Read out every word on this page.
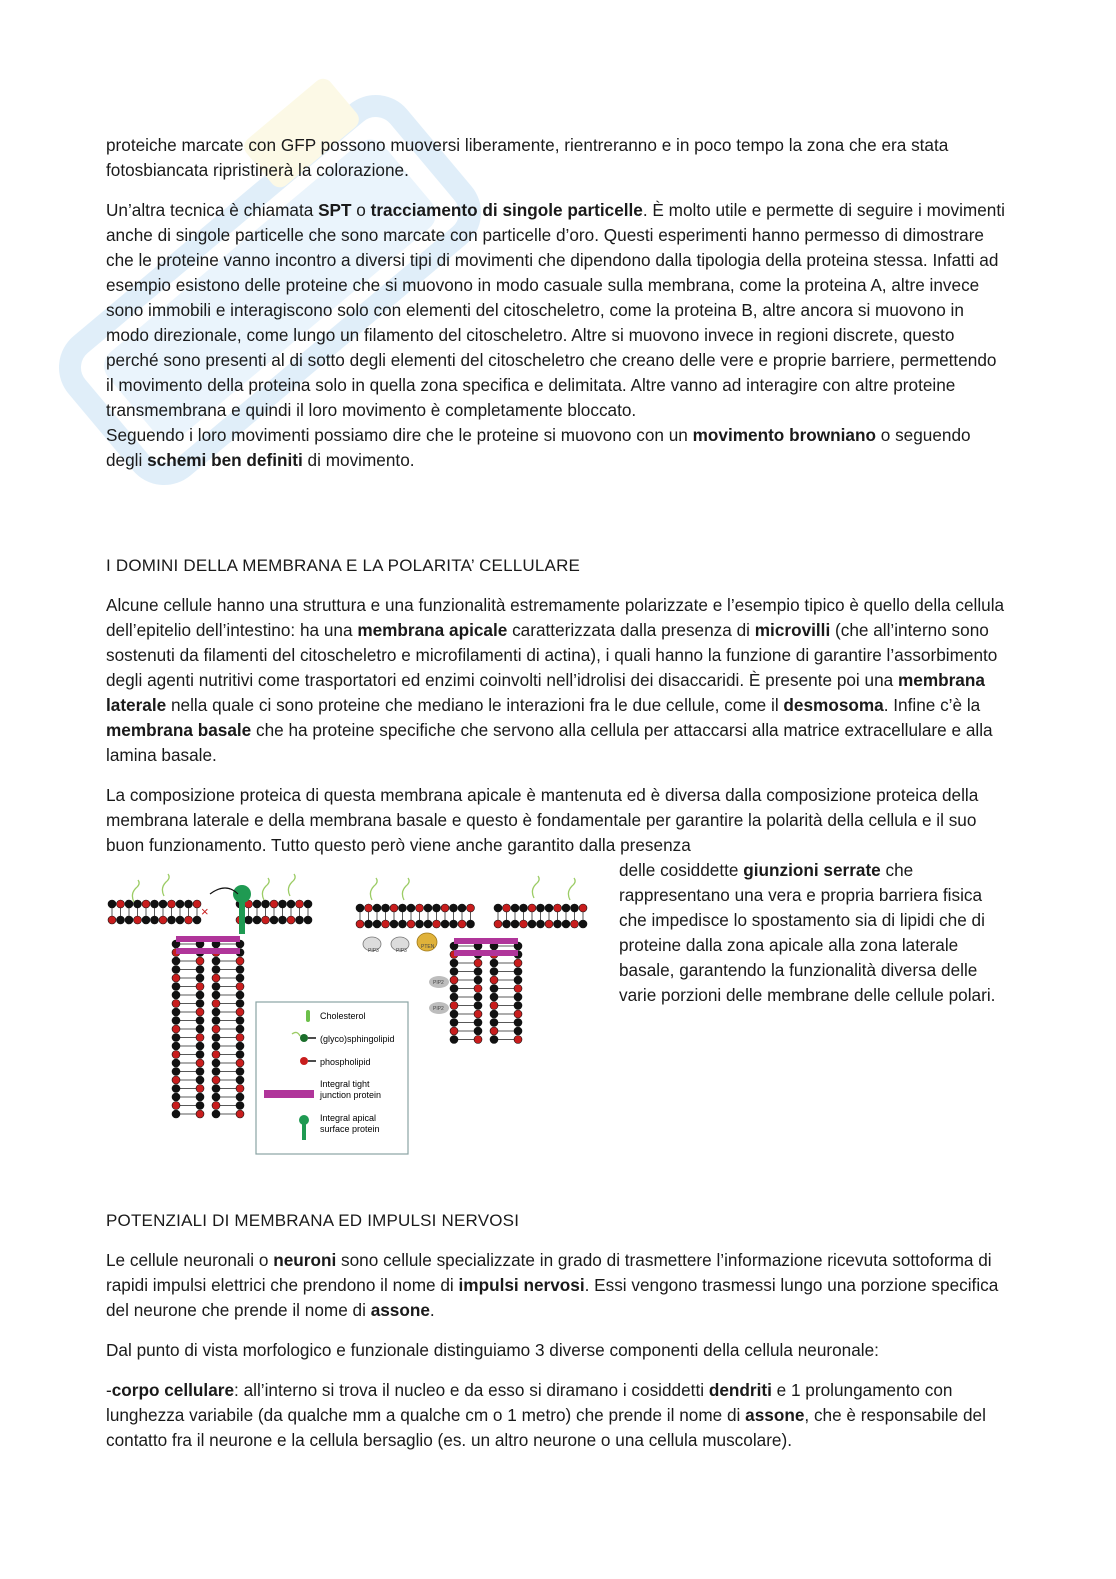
proteiche marcate con GFP possono muoversi liberamente, rientreranno e in poco tempo la zona che era stata fotosbiancata ripristinerà la colorazione.

Un’altra tecnica è chiamata SPT o tracciamento di singole particelle. È molto utile e permette di seguire i movimenti anche di singole particelle che sono marcate con particelle d’oro. Questi esperimenti hanno permesso di dimostrare che le proteine vanno incontro a diversi tipi di movimenti che dipendono dalla tipologia della proteina stessa. Infatti ad esempio esistono delle proteine che si muovono in modo casuale sulla membrana, come la proteina A, altre invece sono immobili e interagiscono solo con elementi del citoscheletro, come la proteina B, altre ancora si muovono in modo direzionale, come lungo un filamento del citoscheletro. Altre si muovono invece in regioni discrete, questo perché sono presenti al di sotto degli elementi del citoscheletro che creano delle vere e proprie barriere, permettendo il movimento della proteina solo in quella zona specifica e delimitata. Altre vanno ad interagire con altre proteine transmembrana e quindi il loro movimento è completamente bloccato.
Seguendo i loro movimenti possiamo dire che le proteine si muovono con un movimento browniano o seguendo degli schemi ben definiti di movimento.

I DOMINI DELLA MEMBRANA E LA POLARITA’ CELLULARE

Alcune cellule hanno una struttura e una funzionalità estremamente polarizzate e l’esempio tipico è quello della cellula dell’epitelio dell’intestino: ha una membrana apicale caratterizzata dalla presenza di microvilli (che all’interno sono sostenuti da filamenti del citoscheletro e microfilamenti di actina), i quali hanno la funzione di garantire l’assorbimento degli agenti nutritivi come trasportatori ed enzimi coinvolti nell’idrolisi dei disaccaridi. È presente poi una membrana laterale nella quale ci sono proteine che mediano le interazioni fra le due cellule, come il desmosoma. Infine c’è la membrana basale che ha proteine specifiche che servono alla cellula per attaccarsi alla matrice extracellulare e alla lamina basale.

La composizione proteica di questa membrana apicale è mantenuta ed è diversa dalla composizione proteica della membrana laterale e della membrana basale e questo è fondamentale per garantire la polarità della cellula e il suo buon funzionamento. Tutto questo però viene anche garantito dalla presenza

delle cosiddette giunzioni serrate che rappresentano una vera e propria barriera fisica che impedisce lo spostamento sia di lipidi che di proteine dalla zona apicale alla zona laterale basale, garantendo la funzionalità diversa delle varie porzioni delle membrane delle cellule polari.

×
Cholesterol
(glyco)sphingolipid
phospholipid
Integral tight
junction protein
Integral apical
surface protein
PIP3	PIP3
PTEN
PIP2
PIP2

POTENZIALI DI MEMBRANA ED IMPULSI NERVOSI

Le cellule neuronali o neuroni sono cellule specializzate in grado di trasmettere l’informazione ricevuta sottoforma di rapidi impulsi elettrici che prendono il nome di impulsi nervosi. Essi vengono trasmessi lungo una porzione specifica del neurone che prende il nome di assone.

Dal punto di vista morfologico e funzionale distinguiamo 3 diverse componenti della cellula neuronale:

-corpo cellulare: all’interno si trova il nucleo e da esso si diramano i cosiddetti dendriti e 1 prolungamento con lunghezza variabile (da qualche mm a qualche cm o 1 metro) che prende il nome di assone, che è responsabile del contatto fra il neurone e la cellula bersaglio (es. un altro neurone o una cellula muscolare).
